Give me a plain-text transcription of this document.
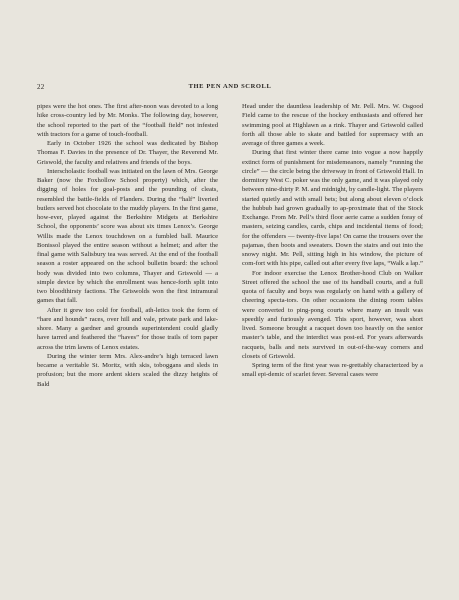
22	THE PEN AND SCROLL

pipes were the hot ones. The first after-noon was devoted to a long hike cross-country led by Mr. Monks. The following day, however, the school reported to the part of the “football field” not infested with tractors for a game of touch-football.

Early in October 1926 the school was dedicated by Bishop Thomas F. Davies in the presence of Dr. Thayer, the Reverend Mr. Griswold, the faculty and relatives and friends of the boys.

Interscholastic football was initiated on the lawn of Mrs. George Baker (now the Foxhollow School property) which, after the digging of holes for goal-posts and the pounding of cleats, resembled the battle-fields of Flanders. During the “half” liveried butlers served hot chocolate to the muddy players. In the first game, how-ever, played against the Berkshire Midgets at Berkshire School, the opponents’ score was about six times Lenox’s. George Willis made the Lenox touchdown on a fumbled ball. Maurice Bonissol played the entire season without a helmet; and after the final game with Salisbury tea was served. At the end of the football season a roster appeared on the school bulletin board: the school body was divided into two columns, Thayer and Griswold — a simple device by which the enrollment was hence-forth split into two bloodthirsty factions. The Griswolds won the first intramural games that fall.

After it grew too cold for football, ath-letics took the form of “hare and hounds” races, over hill and vale, private park and lake-shore. Many a gardner and grounds superintendent could gladly have tarred and feathered the “haves” for those trails of torn paper across the trim lawns of Lenox estates.

During the winter term Mrs. Alex-andre’s high terraced lawn became a veritable St. Moritz, with skis, toboggans and sleds in profusion; but the more ardent skiers scaled the dizzy heights of Bald

Head under the dauntless leadership of Mr. Pell. Mrs. W. Osgood Field came to the rescue of the hockey enthusiasts and offered her swimming pool at Highlawn as a rink. Thayer and Griswold called forth all those able to skate and battled for supremacy with an average of three games a week.

During that first winter there came into vogue a now happily extinct form of punishment for misdemeanors, namely “running the circle” — the circle being the driveway in front of Griswold Hall. In dormitory West C. poker was the only game, and it was played only between nine-thirty P. M. and midnight, by candle-light. The players started quietly and with small bets; but along about eleven o’clock the hubbub had grown gradually to ap-proximate that of the Stock Exchange. From Mr. Pell’s third floor aerie came a sudden foray of masters, seizing candles, cards, chips and incidental items of food; for the offenders — twenty-five laps! On came the trousers over the pajamas, then boots and sweaters. Down the stairs and out into the snowy night. Mr. Pell, sitting high in his window, the picture of com-fort with his pipe, called out after every five laps, “Walk a lap.”

For indoor exercise the Lenox Brother-hood Club on Walker Street offered the school the use of its handball courts, and a full quota of faculty and boys was regularly on hand with a gallery of cheering specta-tors. On other occasions the dining room tables were converted to ping-pong courts where many an insult was speedily and furiously avenged. This sport, however, was short lived. Someone brought a racquet down too heavily on the senior master’s table, and the interdict was post-ed. For years afterwards racquets, balls and nets survived in out-of-the-way corners and closets of Griswold.

Spring term of the first year was re-grettably characterized by a small epi-demic of scarlet fever. Several cases were
